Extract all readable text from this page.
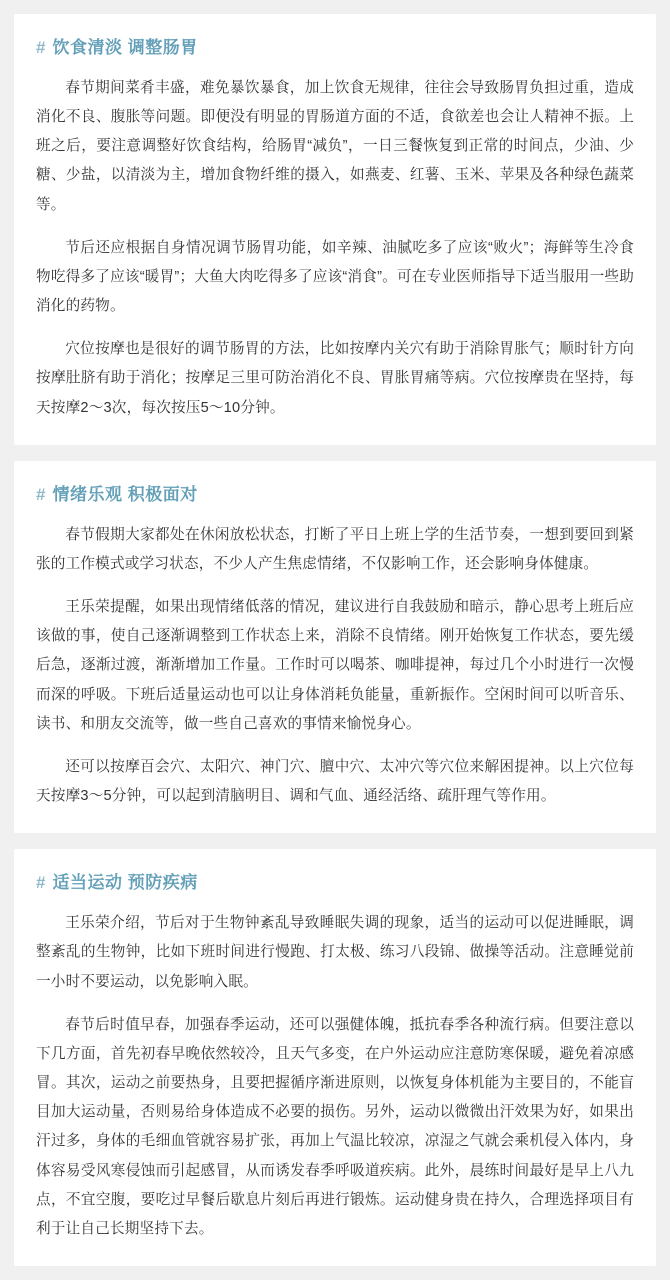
# 饮食清淡 调整肠胃

春节期间菜肴丰盛，难免暴饮暴食，加上饮食无规律，往往会导致肠胃负担过重，造成消化不良、腹胀等问题。即便没有明显的胃肠道方面的不适，食欲差也会让人精神不振。上班之后，要注意调整好饮食结构，给肠胃“减负”，一日三餐恢复到正常的时间点，少油、少糖、少盐，以清淡为主，增加食物纤维的摄入，如燕麦、红薯、玉米、苹果及各种绿色蔬菜等。

节后还应根据自身情况调节肠胃功能，如辛辣、油腻吃多了应该“败火”；海鲜等生冷食物吃得多了应该“暖胃”；大鱼大肉吃得多了应该“消食”。可在专业医师指导下适当服用一些助消化的药物。

穴位按摩也是很好的调节肠胃的方法，比如按摩内关穴有助于消除胃胀气；顺时针方向按摩肚脐有助于消化；按摩足三里可防治消化不良、胃胀胃痛等病。穴位按摩贵在坚持，每天按摩2～3次，每次按压5～10分钟。

# 情绪乐观 积极面对

春节假期大家都处在休闲放松状态，打断了平日上班上学的生活节奏，一想到要回到紧张的工作模式或学习状态，不少人产生焦虑情绪，不仅影响工作，还会影响身体健康。

王乐荣提醒，如果出现情绪低落的情况，建议进行自我鼓励和暗示，静心思考上班后应该做的事，使自己逐渐调整到工作状态上来，消除不良情绪。刚开始恢复工作状态，要先缓后急，逐渐过渡，渐渐增加工作量。工作时可以喝茶、咖啡提神，每过几个小时进行一次慢而深的呼吸。下班后适量运动也可以让身体消耗负能量，重新振作。空闲时间可以听音乐、读书、和朋友交流等，做一些自己喜欢的事情来愉悦身心。

还可以按摩百会穴、太阳穴、神门穴、膻中穴、太冲穴等穴位来解困提神。以上穴位每天按摩3～5分钟，可以起到清脑明目、调和气血、通经活络、疏肝理气等作用。

# 适当运动 预防疾病

王乐荣介绍，节后对于生物钟紊乱导致睡眠失调的现象，适当的运动可以促进睡眠，调整紊乱的生物钟，比如下班时间进行慢跑、打太极、练习八段锦、做操等活动。注意睡觉前一小时不要运动，以免影响入眠。

春节后时值早春，加强春季运动，还可以强健体魄，抵抗春季各种流行病。但要注意以下几方面，首先初春早晚依然较冷，且天气多变，在户外运动应注意防寒保暖，避免着凉感冒。其次，运动之前要热身，且要把握循序渐进原则，以恢复身体机能为主要目的，不能盲目加大运动量，否则易给身体造成不必要的损伤。另外，运动以微微出汗效果为好，如果出汗过多，身体的毛细血管就容易扩张，再加上气温比较凉，凉湿之气就会乘机侵入体内，身体容易受风寒侵蚀而引起感冒，从而诱发春季呼吸道疾病。此外，晨练时间最好是早上八九点，不宜空腹，要吃过早餐后歇息片刻后再进行锻炼。运动健身贵在持久，合理选择项目有利于让自己长期坚持下去。
